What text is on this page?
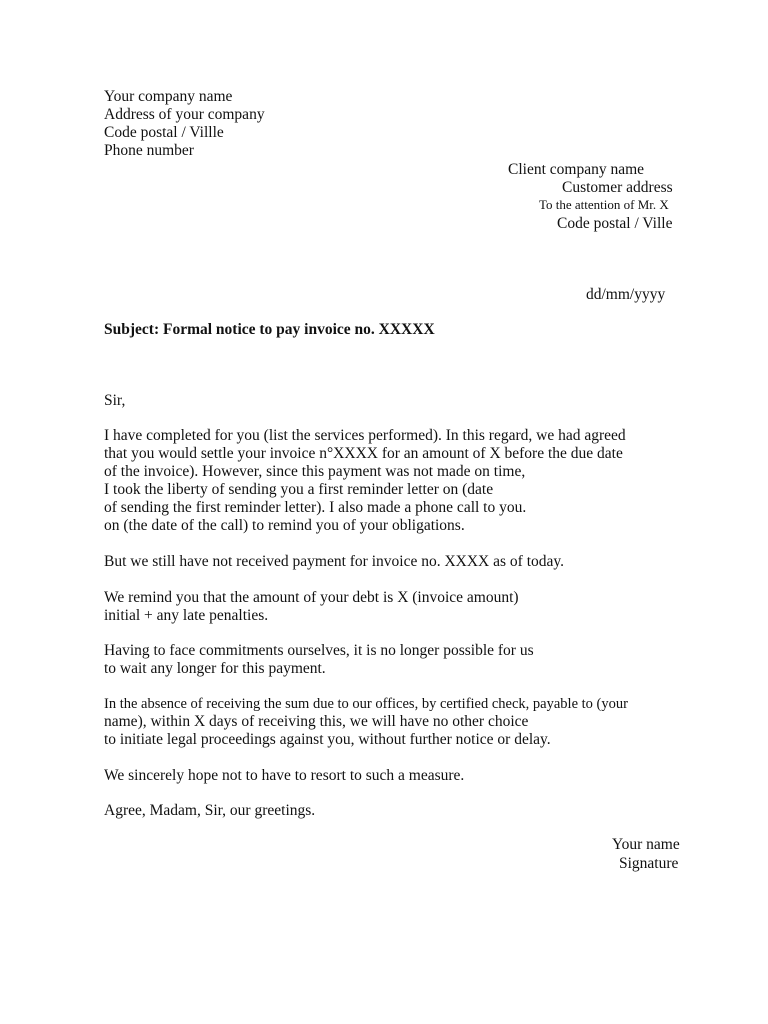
Your company name
Address of your company
Code postal / Villle
Phone number
Client company name
Customer address
To the attention of Mr. X
Code postal / Ville
dd/mm/yyyy
Subject: Formal notice to pay invoice no. XXXXX
Sir,
I have completed for you (list the services performed). In this regard, we had agreed
that you would settle your invoice n°XXXX for an amount of X before the due date
of the invoice). However, since this payment was not made on time,
I took the liberty of sending you a first reminder letter on (date
of sending the first reminder letter). I also made a phone call to you.
on (the date of the call) to remind you of your obligations.
But we still have not received payment for invoice no. XXXX as of today.
We remind you that the amount of your debt is X (invoice amount)
initial + any late penalties.
Having to face commitments ourselves, it is no longer possible for us
to wait any longer for this payment.
In the absence of receiving the sum due to our offices, by certified check, payable to (your
name), within X days of receiving this, we will have no other choice
to initiate legal proceedings against you, without further notice or delay.
We sincerely hope not to have to resort to such a measure.
Agree, Madam, Sir, our greetings.
Your name
Signature
